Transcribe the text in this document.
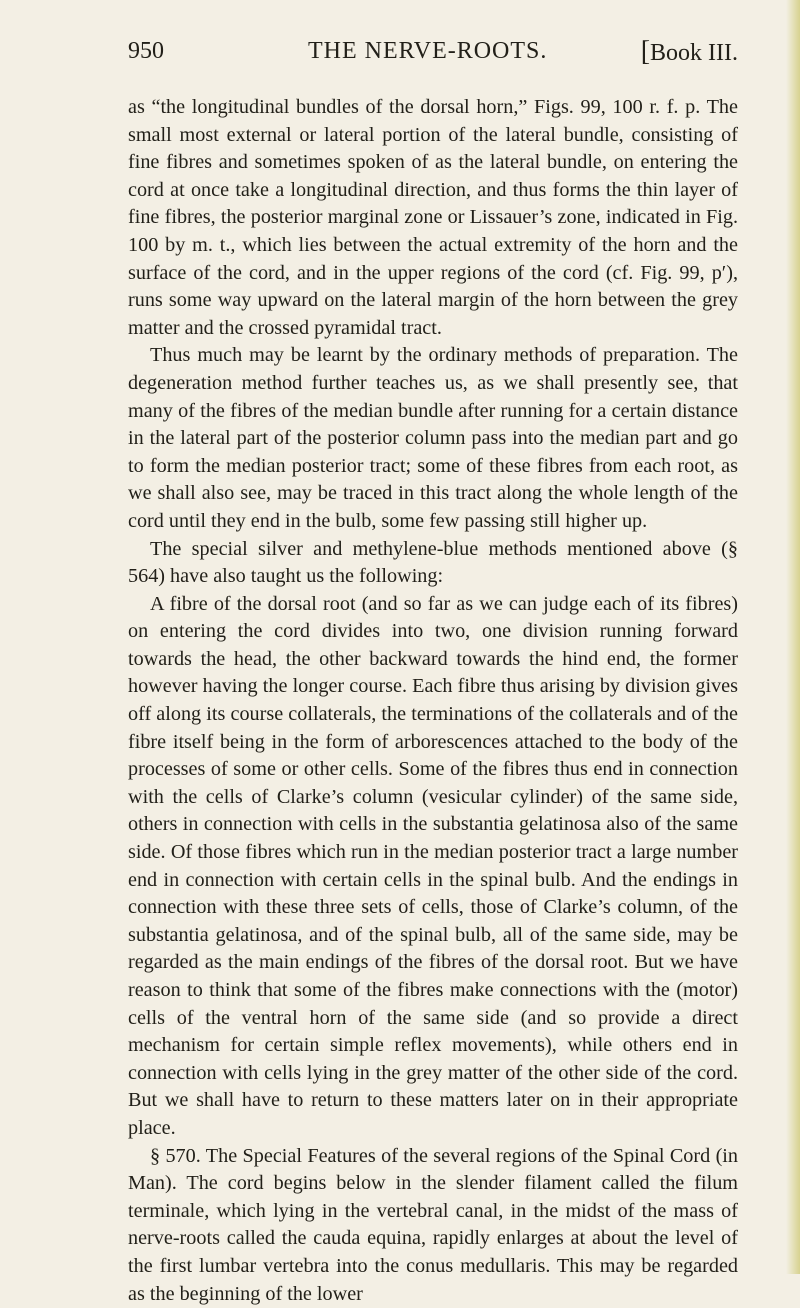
950	THE NERVE-ROOTS.	[Book III.

as “the longitudinal bundles of the dorsal horn,” Figs. 99, 100 r. f. p. The small most external or lateral portion of the lateral bundle, consisting of fine fibres and sometimes spoken of as the lateral bundle, on entering the cord at once take a longitudinal direction, and thus forms the thin layer of fine fibres, the posterior marginal zone or Lissauer’s zone, indicated in Fig. 100 by m. t., which lies between the actual extremity of the horn and the surface of the cord, and in the upper regions of the cord (cf. Fig. 99, p′), runs some way upward on the lateral margin of the horn between the grey matter and the crossed pyramidal tract.

Thus much may be learnt by the ordinary methods of preparation. The degeneration method further teaches us, as we shall presently see, that many of the fibres of the median bundle after running for a certain distance in the lateral part of the posterior column pass into the median part and go to form the median posterior tract; some of these fibres from each root, as we shall also see, may be traced in this tract along the whole length of the cord until they end in the bulb, some few passing still higher up.

The special silver and methylene-blue methods mentioned above (§ 564) have also taught us the following:

A fibre of the dorsal root (and so far as we can judge each of its fibres) on entering the cord divides into two, one division running forward towards the head, the other backward towards the hind end, the former however having the longer course. Each fibre thus arising by division gives off along its course collaterals, the terminations of the collaterals and of the fibre itself being in the form of arborescences attached to the body of the processes of some or other cells. Some of the fibres thus end in connection with the cells of Clarke’s column (vesicular cylinder) of the same side, others in connection with cells in the substantia gelatinosa also of the same side. Of those fibres which run in the median posterior tract a large number end in connection with certain cells in the spinal bulb. And the endings in connection with these three sets of cells, those of Clarke’s column, of the substantia gelatinosa, and of the spinal bulb, all of the same side, may be regarded as the main endings of the fibres of the dorsal root. But we have reason to think that some of the fibres make connections with the (motor) cells of the ventral horn of the same side (and so provide a direct mechanism for certain simple reflex movements), while others end in connection with cells lying in the grey matter of the other side of the cord. But we shall have to return to these matters later on in their appropriate place.

§ 570. The Special Features of the several regions of the Spinal Cord (in Man). The cord begins below in the slender filament called the filum terminale, which lying in the vertebral canal, in the midst of the mass of nerve-roots called the cauda equina, rapidly enlarges at about the level of the first lumbar vertebra into the conus medullaris. This may be regarded as the beginning of the lower
